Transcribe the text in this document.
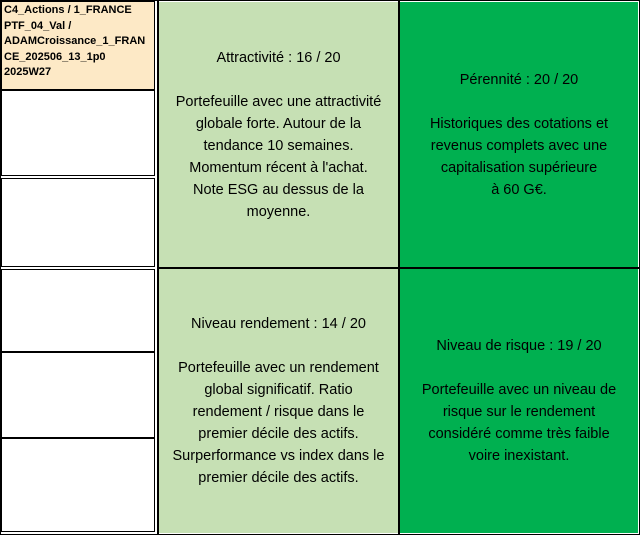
C4_Actions / 1_FRANCE
PTF_04_Val /
ADAMCroissance_1_FRAN
CE_202506_13_1p0
2025W27
Attractivité : 16 / 20
Portefeuille avec une attractivité
globale forte. Autour de la
tendance 10 semaines.
Momentum récent à l'achat.
Note ESG au dessus de la
moyenne.
Pérennité : 20 / 20
Historiques des cotations et
revenus complets avec une
capitalisation supérieure
à 60 G€.
Niveau rendement : 14 / 20
Portefeuille avec un rendement
global significatif. Ratio
rendement / risque dans le
premier décile des actifs.
Surperformance vs index dans le
premier décile des actifs.
Niveau de risque : 19 / 20
Portefeuille avec un niveau de
risque sur le rendement
considéré comme très faible
voire inexistant.
